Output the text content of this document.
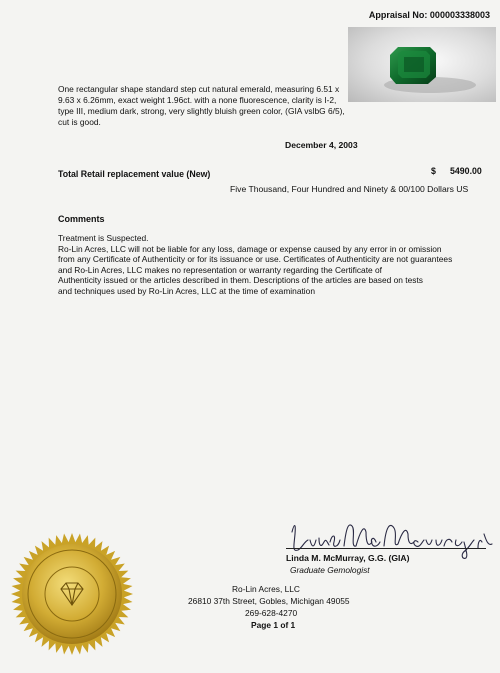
Appraisal No: 000003338003
One rectangular shape standard step cut natural emerald, measuring 6.51 x 9.63 x 6.26mm, exact weight 1.96ct. with a none fluorescence, clarity is I-2, type III, medium dark, strong, very slightly bluish green color, (GIA vslbG 6/5), cut is good.
December 4, 2003
Total Retail replacement value (New)	$ 5490.00
Five Thousand, Four Hundred and Ninety & 00/100 Dollars US
Comments

Treatment is Suspected.

Ro-Lin Acres, LLC will not be liable for any loss, damage or expense caused by any error in or omission

from any Certificate of Authenticity or for its issuance or use. Certificates of Authenticity are not guarantees

and Ro-Lin Acres, LLC makes no representation or warranty regarding the Certificate of

Authenticity issued or the articles described in them. Descriptions of the articles are based on tests

and techniques used by Ro-Lin Acres, LLC at the time of examination

Linda M. McMurray, G.G. (GIA)
Graduate Gemologist
Ro-Lin Acres, LLC
26810 37th Street, Gobles, Michigan 49055
269-628-4270
Page 1 of 1
